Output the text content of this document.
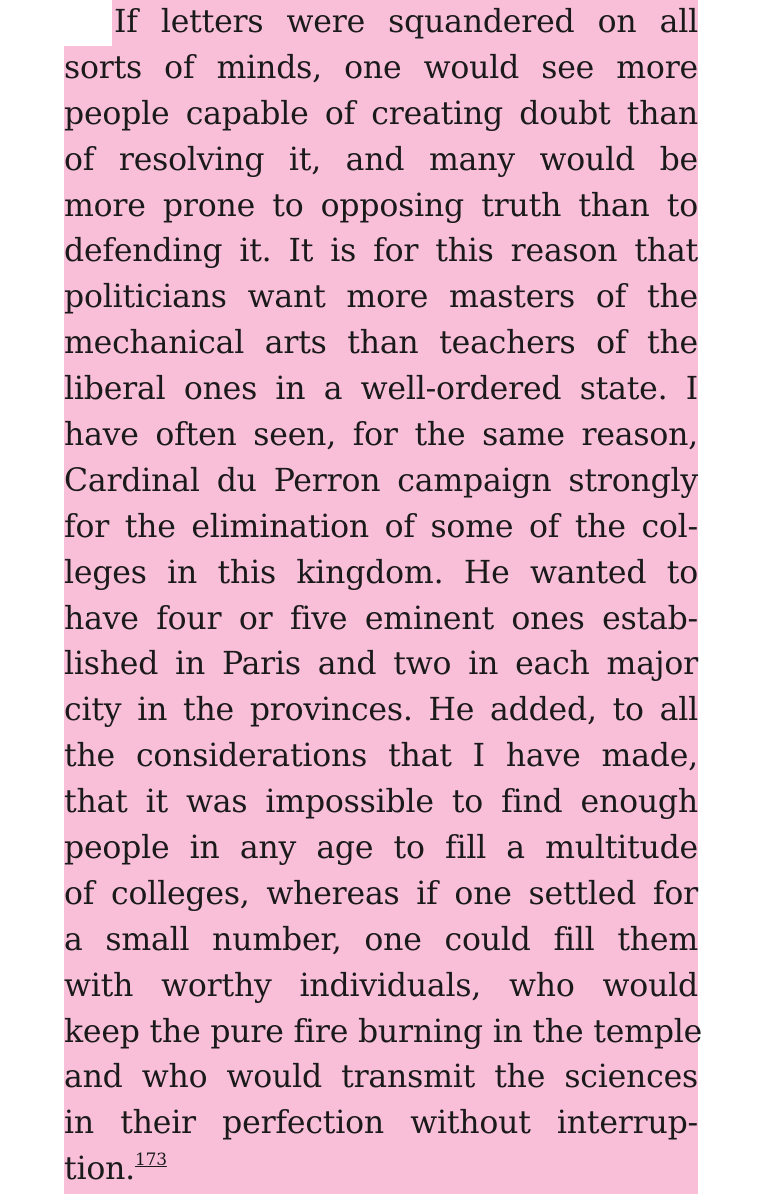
If letters were squandered on all
sorts of minds, one would see more
people capable of creating doubt than
of resolving it, and many would be
more prone to opposing truth than to
defending it. It is for this reason that
politicians want more masters of the
mechanical arts than teachers of the
liberal ones in a well-ordered state. I
have often seen, for the same reason,
Cardinal du Perron campaign strongly
for the elimination of some of the col-
leges in this kingdom. He wanted to
have four or five eminent ones estab-
lished in Paris and two in each major
city in the provinces. He added, to all
the considerations that I have made,
that it was impossible to find enough
people in any age to fill a multitude
of colleges, whereas if one settled for
a small number, one could fill them
with worthy individuals, who would
keep the pure fire burning in the temple
and who would transmit the sciences
in their perfection without interrup-
tion.$^{173}$
